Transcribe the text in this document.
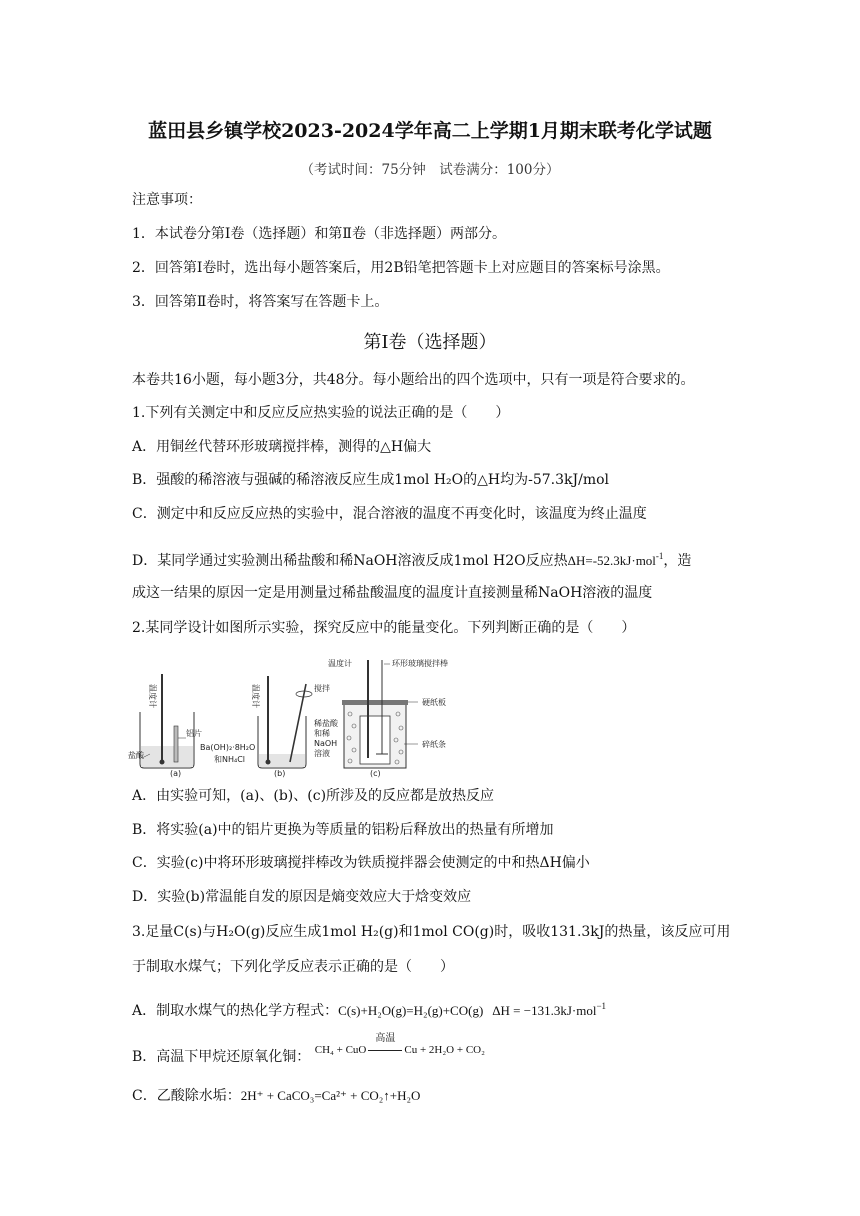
蓝田县乡镇学校2023-2024学年高二上学期1月期末联考化学试题
（考试时间：75分钟　试卷满分：100分）
注意事项：
1．本试卷分第Ⅰ卷（选择题）和第Ⅱ卷（非选择题）两部分。
2．回答第Ⅰ卷时，选出每小题答案后，用2B铅笔把答题卡上对应题目的答案标号涂黑。
3．回答第Ⅱ卷时，将答案写在答题卡上。
第Ⅰ卷（选择题）
本卷共16小题，每小题3分，共48分。每小题给出的四个选项中，只有一项是符合要求的。
1.下列有关测定中和反应反应热实验的说法正确的是（　　）
A．用铜丝代替环形玻璃搅拌棒，测得的△H偏大
B．强酸的稀溶液与强碱的稀溶液反应生成1mol H₂O的△H均为-57.3kJ/mol
C．测定中和反应反应热的实验中，混合溶液的温度不再变化时，该温度为终止温度
D．某同学通过实验测出稀盐酸和稀NaOH溶液反成1mol H2O反应热ΔH=-52.3kJ·mol$^{-1}$，造
成这一结果的原因一定是用测量过稀盐酸温度的温度计直接测量稀NaOH溶液的温度
2.某同学设计如图所示实验，探究反应中的能量变化。下列判断正确的是（　　）
温度计
铝片
盐酸
(a)
温度计	搅拌
Ba(OH)₂·8H₂O
和NH₄Cl
(b)
温度计	环形玻璃搅拌棒
硬纸板
稀盐酸
和稀
NaOH
溶液
碎纸条
(c)
A．由实验可知，(a)、(b)、(c)所涉及的反应都是放热反应
B．将实验(a)中的铝片更换为等质量的铝粉后释放出的热量有所增加
C．实验(c)中将环形玻璃搅拌棒改为铁质搅拌器会使测定的中和热ΔH偏小
D．实验(b)常温能自发的原因是熵变效应大于焓变效应
3.足量C(s)与H₂O(g)反应生成1mol H₂(g)和1mol CO(g)时，吸收131.3kJ的热量，该反应可用
于制取水煤气；下列化学反应表示正确的是（　　）
A．制取水煤气的热化学方程式：C(s)+H₂O(g)=H₂(g)+CO(g) ΔH = −131.3kJ·mol$^{-1}$
B．高温下甲烷还原氧化铜： $^{CH_4 + CuO 高温 Cu + 2H_2O + CO_2}$
C．乙酸除水垢：2H⁺ + CaCO₃=Ca²⁺ + CO₂↑+H₂O
